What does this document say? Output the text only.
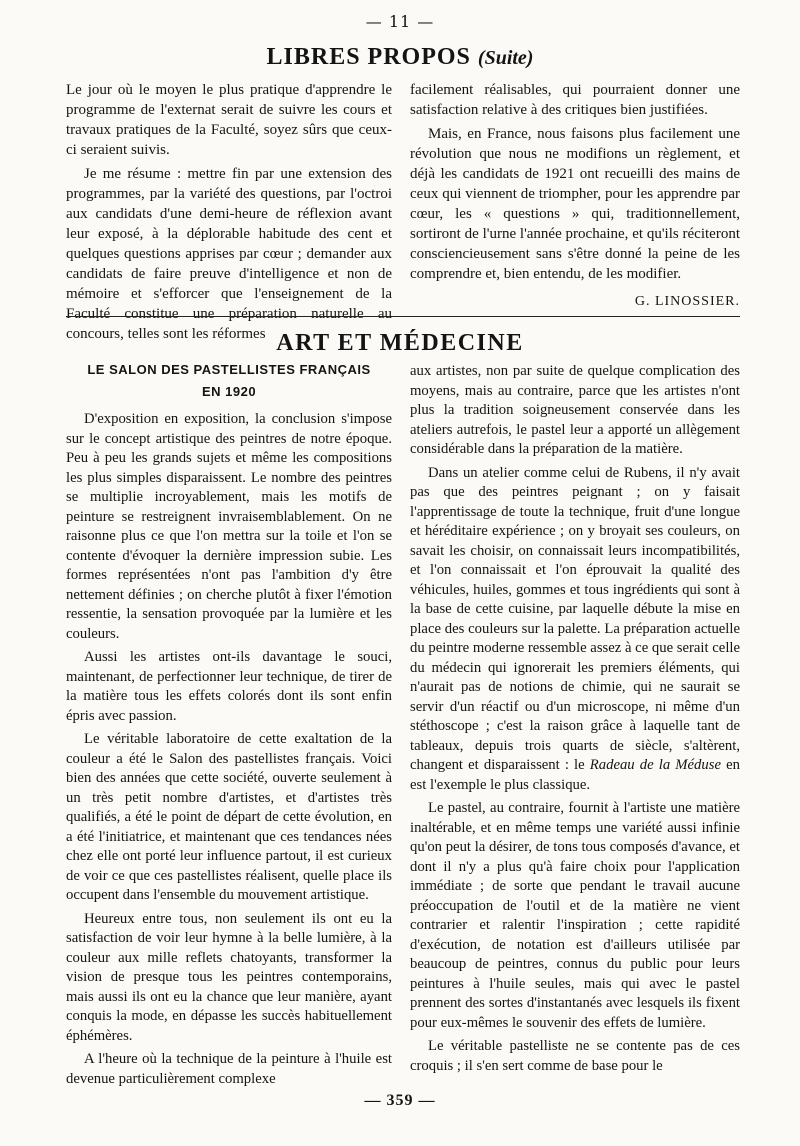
— 11 —
LIBRES PROPOS (Suite)

Le jour où le moyen le plus pratique d'apprendre le programme de l'externat serait de suivre les cours et travaux pratiques de la Faculté, soyez sûrs que ceux-ci seraient suivis.

Je me résume : mettre fin par une extension des programmes, par la variété des questions, par l'octroi aux candidats d'une demi-heure de réflexion avant leur exposé, à la déplorable habitude des cent et quelques questions apprises par cœur ; demander aux candidats de faire preuve d'intelligence et non de mémoire et s'efforcer que l'enseignement de la Faculté constitue une préparation naturelle au concours, telles sont les réformes

facilement réalisables, qui pourraient donner une satisfaction relative à des critiques bien justifiées.

Mais, en France, nous faisons plus facilement une révolution que nous ne modifions un règlement, et déjà les candidats de 1921 ont recueilli des mains de ceux qui viennent de triompher, pour les apprendre par cœur, les « questions » qui, traditionnellement, sortiront de l'urne l'année prochaine, et qu'ils réciteront consciencieusement sans s'être donné la peine de les comprendre et, bien entendu, de les modifier.

G. LINOSSIER.
ART ET MÉDECINE
LE SALON DES PASTELLISTES FRANÇAIS
EN 1920

D'exposition en exposition, la conclusion s'impose sur le concept artistique des peintres de notre époque. Peu à peu les grands sujets et même les compositions les plus simples disparaissent. Le nombre des peintres se multiplie incroyablement, mais les motifs de peinture se restreignent invraisemblablement. On ne raisonne plus ce que l'on mettra sur la toile et l'on se contente d'évoquer la dernière impression subie. Les formes représentées n'ont pas l'ambition d'y être nettement définies ; on cherche plutôt à fixer l'émotion ressentie, la sensation provoquée par la lumière et les couleurs.

Aussi les artistes ont-ils davantage le souci, maintenant, de perfectionner leur technique, de tirer de la matière tous les effets colorés dont ils sont enfin épris avec passion.

Le véritable laboratoire de cette exaltation de la couleur a été le Salon des pastellistes français. Voici bien des années que cette société, ouverte seulement à un très petit nombre d'artistes, et d'artistes très qualifiés, a été le point de départ de cette évolution, en a été l'initiatrice, et maintenant que ces tendances nées chez elle ont porté leur influence partout, il est curieux de voir ce que ces pastellistes réalisent, quelle place ils occupent dans l'ensemble du mouvement artistique.

Heureux entre tous, non seulement ils ont eu la satisfaction de voir leur hymne à la belle lumière, à la couleur aux mille reflets chatoyants, transformer la vision de presque tous les peintres contemporains, mais aussi ils ont eu la chance que leur manière, ayant conquis la mode, en dépasse les succès habituellement éphémères.

A l'heure où la technique de la peinture à l'huile est devenue particulièrement complexe

aux artistes, non par suite de quelque complication des moyens, mais au contraire, parce que les artistes n'ont plus la tradition soigneusement conservée dans les ateliers autrefois, le pastel leur a apporté un allègement considérable dans la préparation de la matière.

Dans un atelier comme celui de Rubens, il n'y avait pas que des peintres peignant ; on y faisait l'apprentissage de toute la technique, fruit d'une longue et héréditaire expérience ; on y broyait ses couleurs, on savait les choisir, on connaissait leurs incompatibilités, et l'on connaissait et l'on éprouvait la qualité des véhicules, huiles, gommes et tous ingrédients qui sont à la base de cette cuisine, par laquelle débute la mise en place des couleurs sur la palette. La préparation actuelle du peintre moderne ressemble assez à ce que serait celle du médecin qui ignorerait les premiers éléments, qui n'aurait pas de notions de chimie, qui ne saurait se servir d'un réactif ou d'un microscope, ni même d'un stéthoscope ; c'est la raison grâce à laquelle tant de tableaux, depuis trois quarts de siècle, s'altèrent, changent et disparaissent : le Radeau de la Méduse en est l'exemple le plus classique.

Le pastel, au contraire, fournit à l'artiste une matière inaltérable, et en même temps une variété aussi infinie qu'on peut la désirer, de tons tous composés d'avance, et dont il n'y a plus qu'à faire choix pour l'application immédiate ; de sorte que pendant le travail aucune préoccupation de l'outil et de la matière ne vient contrarier et ralentir l'inspiration ; cette rapidité d'exécution, de notation est d'ailleurs utilisée par beaucoup de peintres, connus du public pour leurs peintures à l'huile seules, mais qui avec le pastel prennent des sortes d'instantanés avec lesquels ils fixent pour eux-mêmes le souvenir des effets de lumière.

Le véritable pastelliste ne se contente pas de ces croquis ; il s'en sert comme de base pour le

— 359 —
